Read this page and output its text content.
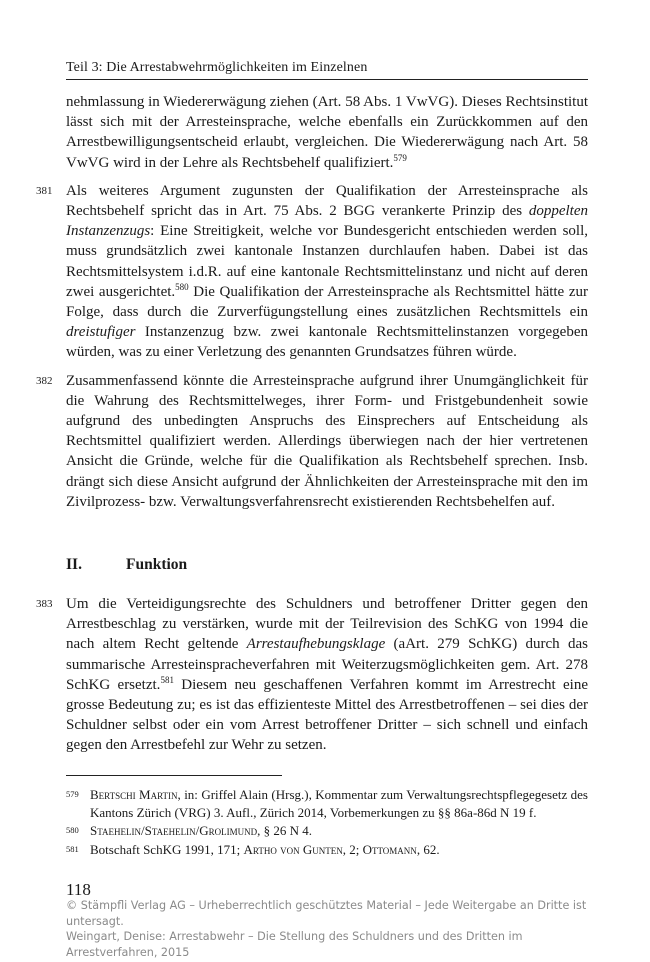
Teil 3: Die Arrestabwehrmöglichkeiten im Einzelnen

nehmlassung in Wiedererwägung ziehen (Art. 58 Abs. 1 VwVG). Dieses Rechtsinstitut lässt sich mit der Arresteinsprache, welche ebenfalls ein Zurückkommen auf den Arrestbewilligungsentscheid erlaubt, vergleichen. Die Wiedererwägung nach Art. 58 VwVG wird in der Lehre als Rechtsbehelf qualifiziert.$^{579}$

381 Als weiteres Argument zugunsten der Qualifikation der Arresteinsprache als Rechtsbehelf spricht das in Art. 75 Abs. 2 BGG verankerte Prinzip des doppelten Instanzenzugs: Eine Streitigkeit, welche vor Bundesgericht entschieden werden soll, muss grundsätzlich zwei kantonale Instanzen durchlaufen haben. Dabei ist das Rechtsmittelsystem i.d.R. auf eine kantonale Rechtsmittelinstanz und nicht auf deren zwei ausgerichtet.$^{580}$ Die Qualifikation der Arresteinsprache als Rechtsmittel hätte zur Folge, dass durch die Zurverfügungstellung eines zusätzlichen Rechtsmittels ein dreistufiger Instanzenzug bzw. zwei kantonale Rechtsmittelinstanzen vorgegeben würden, was zu einer Verletzung des genannten Grundsatzes führen würde.

382 Zusammenfassend könnte die Arresteinsprache aufgrund ihrer Unumgänglichkeit für die Wahrung des Rechtsmittelweges, ihrer Form- und Fristgebundenheit sowie aufgrund des unbedingten Anspruchs des Einsprechers auf Entscheidung als Rechtsmittel qualifiziert werden. Allerdings überwiegen nach der hier vertretenen Ansicht die Gründe, welche für die Qualifikation als Rechtsbehelf sprechen. Insb. drängt sich diese Ansicht aufgrund der Ähnlichkeiten der Arresteinsprache mit den im Zivilprozess- bzw. Verwaltungsverfahrensrecht existierenden Rechtsbehelfen auf.

II.	Funktion

383 Um die Verteidigungsrechte des Schuldners und betroffener Dritter gegen den Arrestbeschlag zu verstärken, wurde mit der Teilrevision des SchKG von 1994 die nach altem Recht geltende Arrestaufhebungsklage (aArt. 279 SchKG) durch das summarische Arresteinspracheverfahren mit Weiterzugsmöglichkeiten gem. Art. 278 SchKG ersetzt.$^{581}$ Diesem neu geschaffenen Verfahren kommt im Arrestrecht eine grosse Bedeutung zu; es ist das effizienteste Mittel des Arrestbetroffenen – sei dies der Schuldner selbst oder ein vom Arrest betroffener Dritter – sich schnell und einfach gegen den Arrestbefehl zur Wehr zu setzen.

579 Bertschi Martin, in: Griffel Alain (Hrsg.), Kommentar zum Verwaltungsrechtspflegegesetz des Kantons Zürich (VRG) 3. Aufl., Zürich 2014, Vorbemerkungen zu §§ 86a-86d N 19 f.

580 Staehelin/Staehelin/Grolimund, § 26 N 4.

581 Botschaft SchKG 1991, 171; Artho von Gunten, 2; Ottomann, 62.

118
© Stämpfli Verlag AG – Urheberrechtlich geschütztes Material – Jede Weitergabe an Dritte ist untersagt.
Weingart, Denise: Arrestabwehr – Die Stellung des Schuldners und des Dritten im Arrestverfahren, 2015
